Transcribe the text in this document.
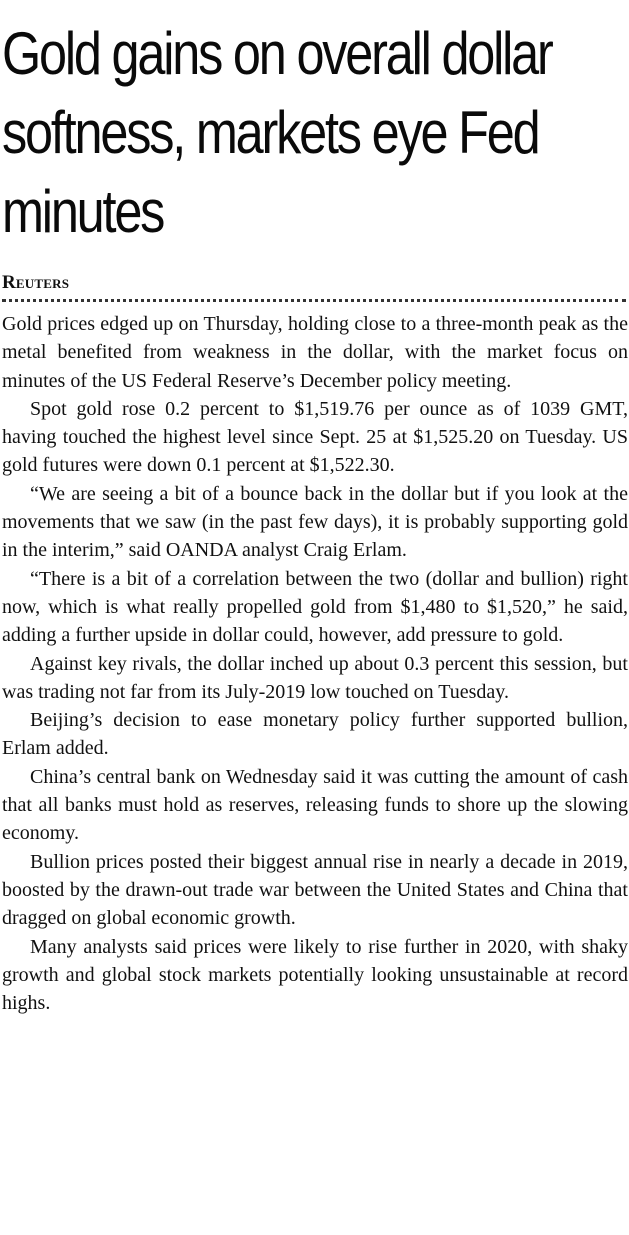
Gold gains on overall dollar softness, markets eye Fed minutes
Reuters

Gold prices edged up on Thursday, holding close to a three-month peak as the metal benefited from weakness in the dollar, with the market focus on minutes of the US Federal Reserve’s December policy meeting.

Spot gold rose 0.2 percent to $1,519.76 per ounce as of 1039 GMT, having touched the highest level since Sept. 25 at $1,525.20 on Tuesday. US gold futures were down 0.1 percent at $1,522.30.

“We are seeing a bit of a bounce back in the dollar but if you look at the movements that we saw (in the past few days), it is probably supporting gold in the interim,” said OANDA analyst Craig Erlam.

“There is a bit of a correlation between the two (dollar and bullion) right now, which is what really propelled gold from $1,480 to $1,520,” he said, adding a further upside in dollar could, however, add pressure to gold.

Against key rivals, the dollar inched up about 0.3 percent this session, but was trading not far from its July-2019 low touched on Tuesday.

Beijing’s decision to ease monetary policy further supported bullion, Erlam added.

China’s central bank on Wednesday said it was cutting the amount of cash that all banks must hold as reserves, releasing funds to shore up the slowing economy.

Bullion prices posted their biggest annual rise in nearly a decade in 2019, boosted by the drawn-out trade war between the United States and China that dragged on global economic growth.

Many analysts said prices were likely to rise further in 2020, with shaky growth and global stock markets potentially looking unsustainable at record highs.
